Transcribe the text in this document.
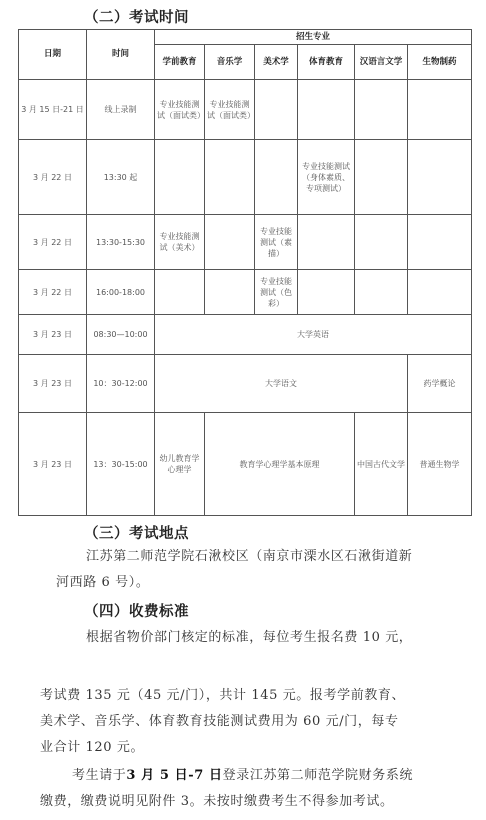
（二）考试时间
日期	时间	招生专业					
		学前教育	音乐学	美术学	体育教育	汉语言文学	生物制药
3 月 15 日-21 日	线上录制	专业技能测试（面试类）	专业技能测试（面试类）				
3 月 22 日	13:30 起				专业技能测试（身体素质、专项测试）		
3 月 22 日	13:30-15:30	专业技能测试（美术）		专业技能测试（素描）			
3 月 22 日	16:00-18:00			专业技能测试（色彩）			
3 月 23 日	08:30—10:00	大学英语					
3 月 23 日	10：30-12:00	大学语文					药学概论
3 月 23 日	13：30-15:00	幼儿教育学心理学	教育学心理学基本原理			中国古代文学	普通生物学
（三）考试地点
江苏第二师范学院石湫校区（南京市溧水区石湫街道新
河西路 6 号）。
（四）收费标准
根据省物价部门核定的标准，每位考生报名费 10 元，
考试费 135 元（45 元/门），共计 145 元。报考学前教育、
美术学、音乐学、体育教育技能测试费用为 60 元/门，每专
业合计 120 元。
考生请于3 月 5 日-7 日登录江苏第二师范学院财务系统
缴费，缴费说明见附件 3。未按时缴费考生不得参加考试。
